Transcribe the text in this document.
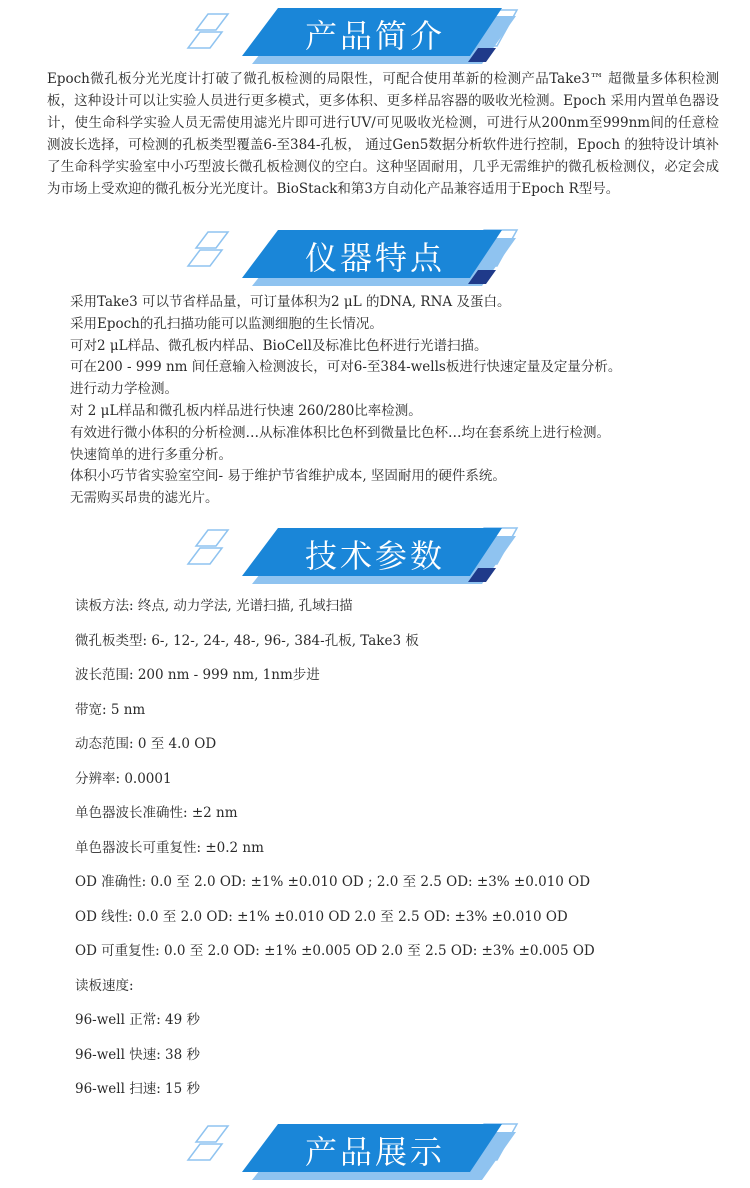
产品简介

Epoch微孔板分光光度计打破了微孔板检测的局限性，可配合使用革新的检测产品Take3™ 超微量多体积检测板，这种设计可以让实验人员进行更多模式，更多体积、更多样品容器的吸收光检测。Epoch 采用内置单色器设计，使生命科学实验人员无需使用滤光片即可进行UV/可见吸收光检测，可进行从200nm至999nm间的任意检测波长选择，可检测的孔板类型覆盖6-至384-孔板， 通过Gen5数据分析软件进行控制，Epoch 的独特设计填补了生命科学实验室中小巧型波长微孔板检测仪的空白。这种坚固耐用，几乎无需维护的微孔板检测仪，必定会成为市场上受欢迎的微孔板分光光度计。BioStack和第3方自动化产品兼容适用于Epoch R型号。

仪器特点
采用Take3 可以节省样品量，可订量体积为2 μL 的DNA, RNA 及蛋白。
采用Epoch的孔扫描功能可以监测细胞的生长情况。
可对2 μL样品、微孔板内样品、BioCell及标准比色杯进行光谱扫描。
可在200 - 999 nm 间任意输入检测波长，可对6-至384-wells板进行快速定量及定量分析。
进行动力学检测。
对 2 μL样品和微孔板内样品进行快速 260/280比率检测。
有效进行微小体积的分析检测…从标准体积比色杯到微量比色杯…均在套系统上进行检测。
快速简单的进行多重分析。
体积小巧节省实验室空间- 易于维护节省维护成本, 坚固耐用的硬件系统。
无需购买昂贵的滤光片。
技术参数
读板方法: 终点, 动力学法, 光谱扫描, 孔域扫描
微孔板类型: 6-, 12-, 24-, 48-, 96-, 384-孔板, Take3 板
波长范围: 200 nm - 999 nm, 1nm步进
带宽: 5 nm
动态范围: 0 至 4.0 OD
分辨率: 0.0001
单色器波长准确性: ±2 nm
单色器波长可重复性: ±0.2 nm
OD 准确性: 0.0 至 2.0 OD: ±1% ±0.010 OD ; 2.0 至 2.5 OD: ±3% ±0.010 OD
OD 线性: 0.0 至 2.0 OD: ±1% ±0.010 OD 2.0 至 2.5 OD: ±3% ±0.010 OD
OD 可重复性: 0.0 至 2.0 OD: ±1% ±0.005 OD 2.0 至 2.5 OD: ±3% ±0.005 OD
读板速度:
96-well 正常: 49 秒
96-well 快速: 38 秒
96-well 扫速: 15 秒
产品展示
